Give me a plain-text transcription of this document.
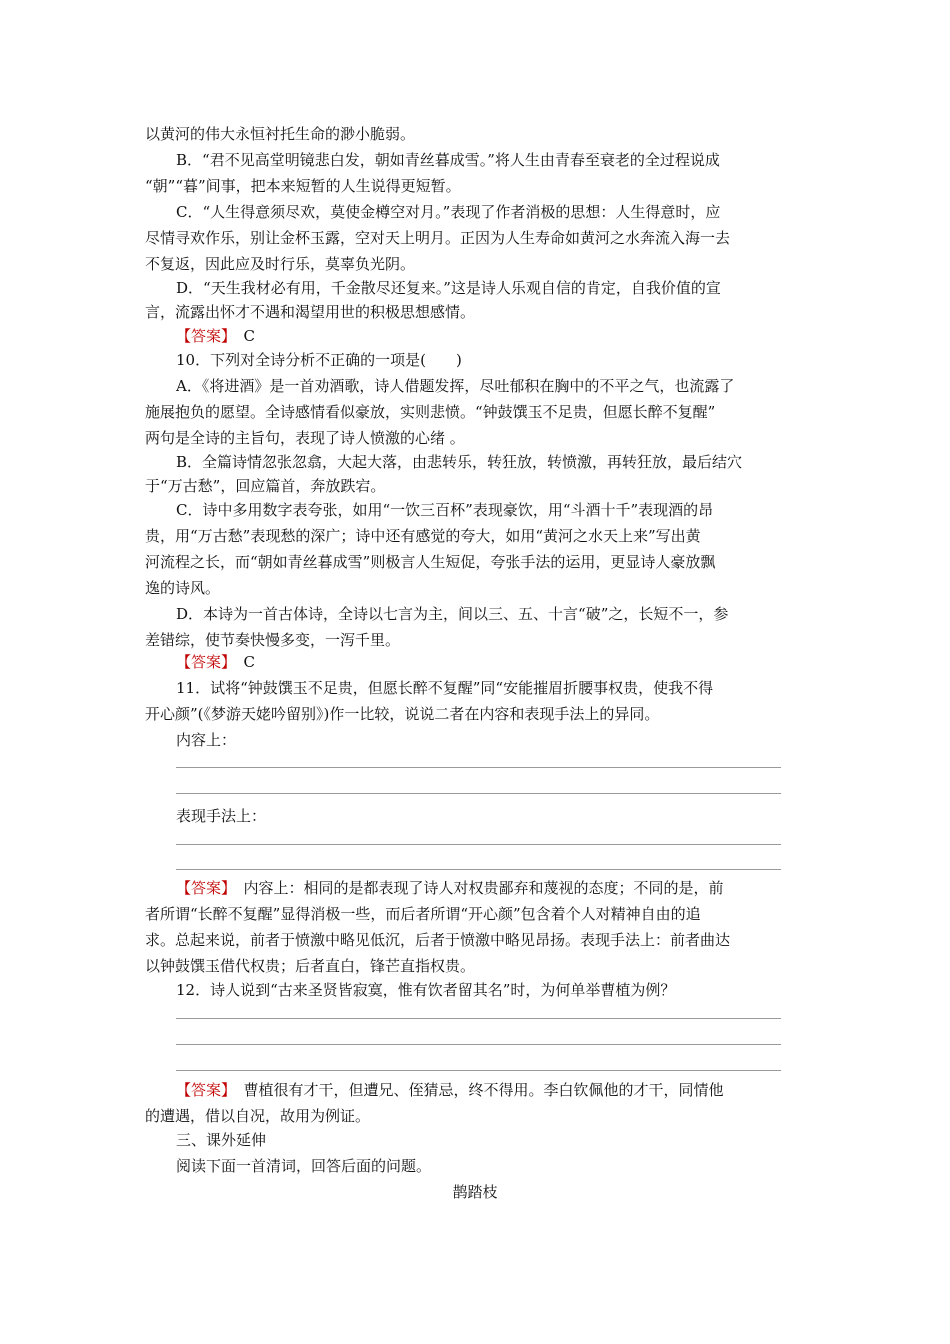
以黄河的伟大永恒衬托生命的渺小脆弱。
B．“君不见高堂明镜悲白发，朝如青丝暮成雪。”将人生由青春至衰老的全过程说成
“朝”“暮”间事，把本来短暂的人生说得更短暂。
C．“人生得意须尽欢，莫使金樽空对月。”表现了作者消极的思想：人生得意时，应
尽情寻欢作乐，别让金杯玉露，空对天上明月。正因为人生寿命如黄河之水奔流入海一去
不复返，因此应及时行乐，莫辜负光阴。
D．“天生我材必有用，千金散尽还复来。”这是诗人乐观自信的肯定，自我价值的宣
言，流露出怀才不遇和渴望用世的积极思想感情。
【答案】　 C
10．下列对全诗分析不正确的一项是(　　)
A．《将进酒》是一首劝酒歌，诗人借题发挥，尽吐郁积在胸中的不平之气，也流露了
施展抱负的愿望。全诗感情看似豪放，实则悲愤。“钟鼓馔玉不足贵，但愿长醉不复醒”
两句是全诗的主旨句，表现了诗人愤激的心绪 。
B．全篇诗情忽张忽翕，大起大落，由悲转乐，转狂放，转愤激，再转狂放，最后结穴
于“万古愁”，回应篇首，奔放跌宕。
C．诗中多用数字表夸张，如用“一饮三百杯”表现豪饮，用“斗酒十千”表现酒的昂
贵，用“万古愁”表现愁的深广；诗中还有感觉的夸大，如用“黄河之水天上来”写出黄
河流程之长，而“朝如青丝暮成雪”则极言人生短促，夸张手法的运用，更显诗人豪放飘
逸的诗风。
D．本诗为一首古体诗，全诗以七言为主，间以三、五、十言“破”之，长短不一，参
差错综，使节奏快慢多变，一泻千里。
【答案】　 C
11．试将“钟鼓馔玉不足贵，但愿长醉不复醒”同“安能摧眉折腰事权贵，使我不得
开心颜”(《梦游天姥吟留别》)作一比较，说说二者在内容和表现手法上的异同。
内容上：
表现手法上：
【答案】　 内容上：相同的是都表现了诗人对权贵鄙弃和蔑视的态度；不同的是，前
者所谓“长醉不复醒”显得消极一些，而后者所谓“开心颜”包含着个人对精神自由的追
求。总起来说，前者于愤激中略见低沉，后者于愤激中略见昂扬。表现手法上：前者曲达
以钟鼓馔玉借代权贵；后者直白，锋芒直指权贵。
12．诗人说到“古来圣贤皆寂寞，惟有饮者留其名”时，为何单举曹植为例？
【答案】　 曹植很有才干，但遭兄、侄猜忌，终不得用。李白钦佩他的才干，同情他
的遭遇，借以自况，故用为例证。
三、课外延伸
阅读下面一首清词，回答后面的问题。
鹊踏枝
